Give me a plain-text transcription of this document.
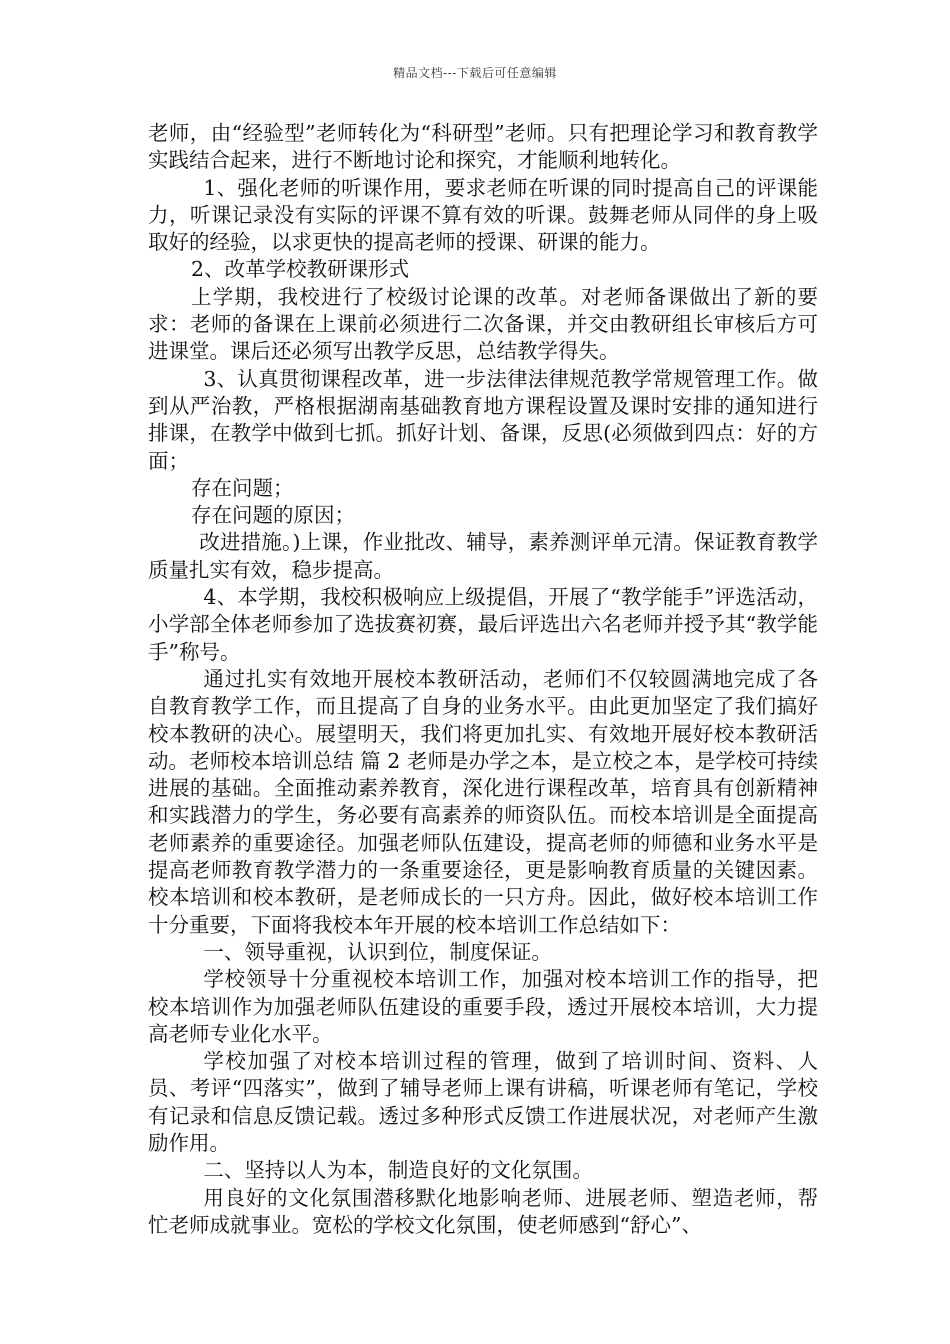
精品文档---下载后可任意编辑

老师，由“经验型”老师转化为“科研型”老师。只有把理论学习和教育教学实践结合起来，进行不断地讨论和探究，才能顺利地转化。

1、强化老师的听课作用，要求老师在听课的同时提高自己的评课能力，听课记录没有实际的评课不算有效的听课。鼓舞老师从同伴的身上吸取好的经验，以求更快的提高老师的授课、研课的能力。

2、改革学校教研课形式

上学期，我校进行了校级讨论课的改革。对老师备课做出了新的要求：老师的备课在上课前必须进行二次备课，并交由教研组长审核后方可进课堂。课后还必须写出教学反思，总结教学得失。

3、认真贯彻课程改革，进一步法律法律规范教学常规管理工作。做到从严治教，严格根据湖南基础教育地方课程设置及课时安排的通知进行排课，在教学中做到七抓。抓好计划、备课，反思(必须做到四点：好的方面；

存在问题；

存在问题的原因；

改进措施。)上课，作业批改、辅导，素养测评单元清。保证教育教学质量扎实有效，稳步提高。

4、本学期，我校积极响应上级提倡，开展了“教学能手”评选活动，小学部全体老师参加了选拔赛初赛，最后评选出六名老师并授予其“教学能手”称号。

通过扎实有效地开展校本教研活动，老师们不仅较圆满地完成了各自教育教学工作，而且提高了自身的业务水平。由此更加坚定了我们搞好校本教研的决心。展望明天，我们将更加扎实、有效地开展好校本教研活动。老师校本培训总结 篇 2 老师是办学之本，是立校之本，是学校可持续进展的基础。全面推动素养教育，深化进行课程改革，培育具有创新精神和实践潜力的学生，务必要有高素养的师资队伍。而校本培训是全面提高老师素养的重要途径。加强老师队伍建设，提高老师的师德和业务水平是提高老师教育教学潜力的一条重要途径，更是影响教育质量的关键因素。校本培训和校本教研，是老师成长的一只方舟。因此，做好校本培训工作十分重要，下面将我校本年开展的校本培训工作总结如下：

一、领导重视，认识到位，制度保证。

学校领导十分重视校本培训工作，加强对校本培训工作的指导，把校本培训作为加强老师队伍建设的重要手段，透过开展校本培训，大力提高老师专业化水平。

学校加强了对校本培训过程的管理，做到了培训时间、资料、人员、考评“四落实”，做到了辅导老师上课有讲稿，听课老师有笔记，学校有记录和信息反馈记载。透过多种形式反馈工作进展状况，对老师产生激励作用。

二、坚持以人为本，制造良好的文化氛围。

用良好的文化氛围潜移默化地影响老师、进展老师、塑造老师，帮忙老师成就事业。宽松的学校文化氛围，使老师感到“舒心”、
